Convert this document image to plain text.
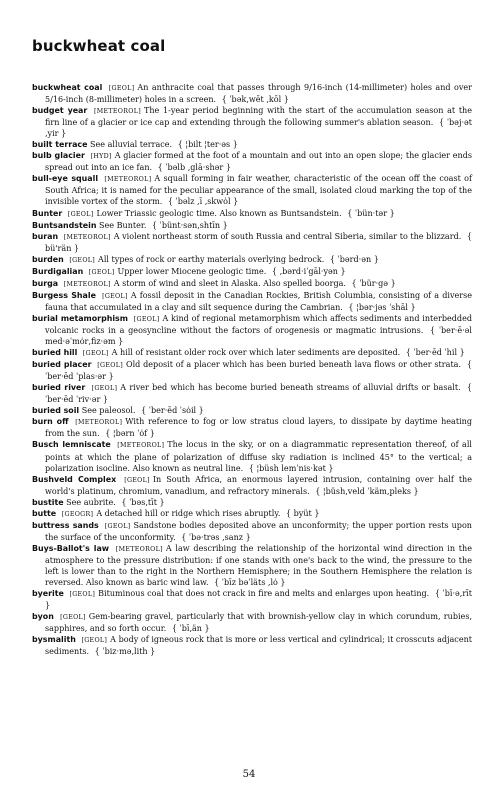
buckwheat coal
buckwheat coal [GEOL] An anthracite coal that passes through 9/16-inch (14-millimeter) holes and over 5/16-inch (8-millimeter) holes in a screen. { ˈbək‚wēt ‚kōl }
budget year [METEOROL] The 1-year period beginning with the start of the accumulation season at the firn line of a glacier or ice cap and extending through the following summer's ablation season. { ˈbəj·ət ‚yir }
built terrace See alluvial terrace. { ¦bilt ¦ter·əs }
bulb glacier [HYD] A glacier formed at the foot of a mountain and out into an open slope; the glacier ends spread out into an ice fan. { ˈbəlb ‚glā·shər }
bull-eye squall [METEOROL] A squall forming in fair weather, characteristic of the ocean off the coast of South Africa; it is named for the peculiar appearance of the small, isolated cloud marking the top of the invisible vortex of the storm. { ˈbəlz ‚ī ‚skwȯl }
Bunter [GEOL] Lower Triassic geologic time. Also known as Buntsandstein. { ˈbün·tər }
Buntsandstein See Bunter. { ˈbünt·sən‚shtīn }
buran [METEOROL] A violent northeast storm of south Russia and central Siberia, similar to the blizzard. { bü'rän }
burden [GEOL] All types of rock or earthy materials overlying bedrock. { ˈbərd·ən }
Burdigalian [GEOL] Upper lower Miocene geologic time. { ‚bərd·iˈgāl·yən }
burga [METEOROL] A storm of wind and sleet in Alaska. Also spelled boorga. { ˈbür·gə }
Burgess Shale [GEOL] A fossil deposit in the Canadian Rockies, British Columbia, consisting of a diverse fauna that accumulated in a clay and silt sequence during the Cambrian. { ¦bər·jəs ˈshāl }
burial metamorphism [GEOL] A kind of regional metamorphism which affects sediments and interbedded volcanic rocks in a geosyncline without the factors of orogenesis or magmatic intrusions. { ˈber·ē·əl med·əˈmȯr‚fiz·əm }
buried hill [GEOL] A hill of resistant older rock over which later sediments are deposited. { ˈber·ēd ˈhil }
buried placer [GEOL] Old deposit of a placer which has been buried beneath lava flows or other strata. { ˈber·ēd ˈplas·ər }
buried river [GEOL] A river bed which has become buried beneath streams of alluvial drifts or basalt. { ˈber·ēd ˈriv·ər }
buried soil See paleosol. { ˈber·ēd ˈsȯil }
burn off [METEOROL] With reference to fog or low stratus cloud layers, to dissipate by daytime heating from the sun. { ¦bərn ˈȯf }
Busch lemniscate [METEOROL] The locus in the sky, or on a diagrammatic representation thereof, of all points at which the plane of polarization of diffuse sky radiation is inclined 45° to the vertical; a polarization isocline. Also known as neutral line. { ¦büsh lemˈnis·kət }
Bushveld Complex [GEOL] In South Africa, an enormous layered intrusion, containing over half the world's platinum, chromium, vanadium, and refractory minerals. { ¦büsh‚veld ˈkäm‚pleks }
bustite See aubrite. { ˈbəs‚tīt }
butte [GEOGR] A detached hill or ridge which rises abruptly. { byüt }
buttress sands [GEOL] Sandstone bodies deposited above an unconformity; the upper portion rests upon the surface of the unconformity. { ˈbə·trəs ‚sanz }
Buys-Ballot's law [METEOROL] A law describing the relationship of the horizontal wind direction in the atmosphere to the pressure distribution: if one stands with one's back to the wind, the pressure to the left is lower than to the right in the Northern Hemisphere; in the Southern Hemisphere the relation is reversed. Also known as baric wind law. { ˈbīz bəˈläts ‚lȯ }
byerite [GEOL] Bituminous coal that does not crack in fire and melts and enlarges upon heating. { ˈbī·ə‚rīt }
byon [GEOL] Gem-bearing gravel, particularly that with brownish-yellow clay in which corundum, rubies, sapphires, and so forth occur. { ˈbī‚än }
bysmalith [GEOL] A body of igneous rock that is more or less vertical and cylindrical; it crosscuts adjacent sediments. { ˈbiz·mə‚lith }
54
